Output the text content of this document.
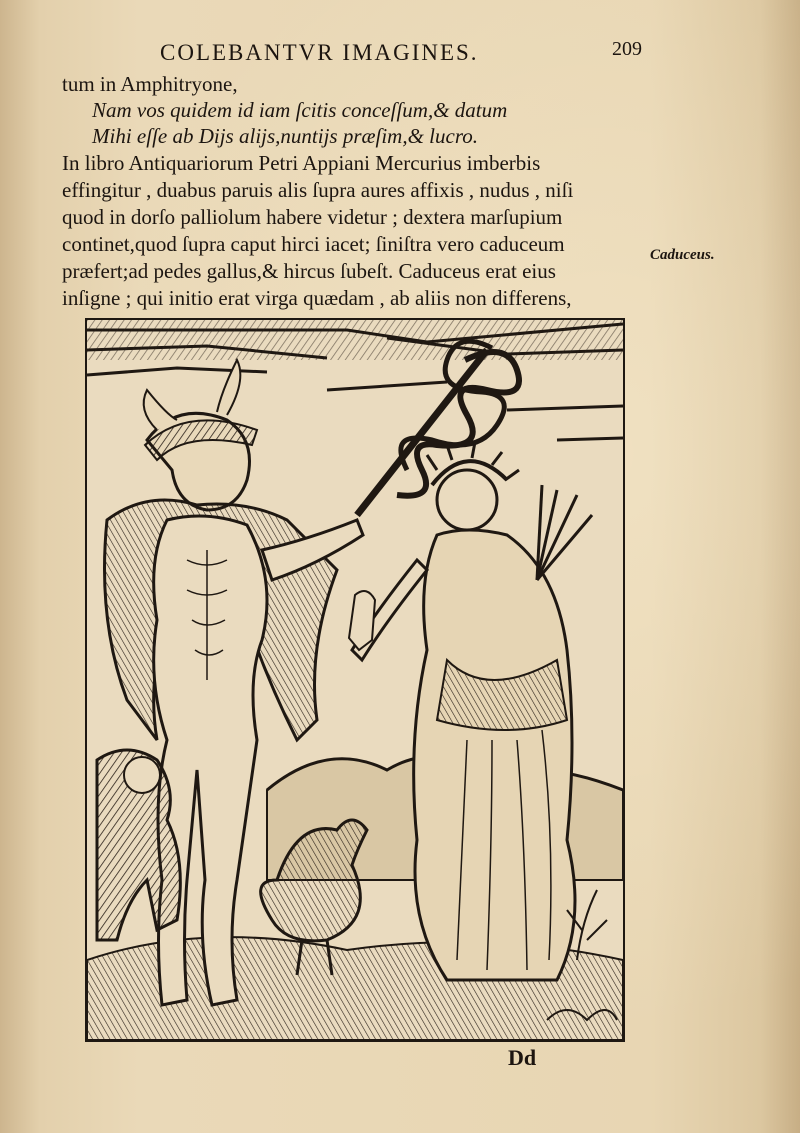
COLEBANTVR IMAGINES.	209
tum in Amphitryone,
Nam vos quidem id iam ſcitis conceſſum,& datum
Mihi eſſe ab Dijs alijs,nuntijs præſim,& lucro.
In libro Antiquariorum Petri Appiani Mercurius imberbis
effingitur , duabus paruis alis ſupra aures affixis , nudus , niſi
quod in dorſo palliolum habere videtur ; dextera marſupium
continet,quod ſupra caput hirci iacet; ſiniſtra vero caduceum
præfert;ad pedes gallus,& hircus ſubeſt. Caduceus erat eius
inſigne ; qui initio erat virga quædam , ab aliis non differens,
Caduceus.
Dd
